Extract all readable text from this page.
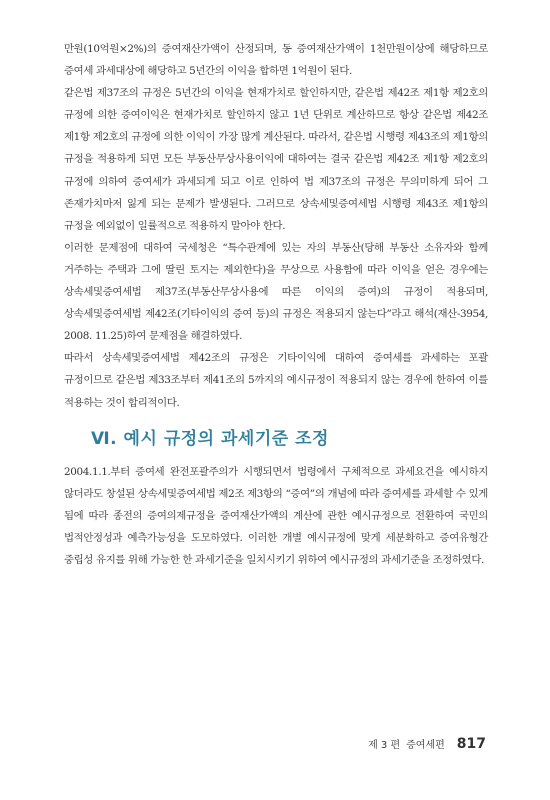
만원(10억원×2%)의 증여재산가액이 산정되며, 동 증여재산가액이 1천만원이상에 해당하므로 증여세 과세대상에 해당하고 5년간의 이익을 합하면 1억원이 된다.

같은법 제37조의 규정은 5년간의 이익을 현재가치로 할인하지만, 같은법 제42조 제1항 제2호의 규정에 의한 증여이익은 현재가치로 할인하지 않고 1년 단위로 계산하므로 항상 같은법 제42조 제1항 제2호의 규정에 의한 이익이 가장 많게 계산된다. 따라서, 같은법 시행령 제43조의 제1항의 규정을 적용하게 되면 모든 부동산무상사용이익에 대하여는 결국 같은법 제42조 제1항 제2호의 규정에 의하여 증여세가 과세되게 되고 이로 인하여 법 제37조의 규정은 무의미하게 되어 그 존재가치마저 잃게 되는 문제가 발생된다. 그러므로 상속세및증여세법 시행령 제43조 제1항의 규정을 예외없이 일률적으로 적용하지 말아야 한다.

이러한 문제점에 대하여 국세청은 “특수관계에 있는 자의 부동산(당해 부동산 소유자와 함께 거주하는 주택과 그에 딸린 토지는 제외한다)을 무상으로 사용함에 따라 이익을 얻은 경우에는 상속세및증여세법 제37조(부동산무상사용에 따른 이익의 증여)의 규정이 적용되며, 상속세및증여세법 제42조(기타이익의 증여 등)의 규정은 적용되지 않는다”라고 해석(재산-3954, 2008. 11.25)하여 문제점을 해결하였다.

따라서 상속세및증여세법 제42조의 규정은 기타이익에 대하여 증여세를 과세하는 포괄 규정이므로 같은법 제33조부터 제41조의 5까지의 예시규정이 적용되지 않는 경우에 한하여 이를 적용하는 것이 합리적이다.

Ⅵ. 예시 규정의 과세기준 조정

2004.1.1.부터 증여세 완전포괄주의가 시행되면서 법령에서 구체적으로 과세요건을 예시하지 않더라도 창설된 상속세및증여세법 제2조 제3항의 “증여”의 개념에 따라 증여세를 과세할 수 있게 됨에 따라 종전의 증여의제규정을 증여재산가액의 계산에 관한 예시규정으로 전환하여 국민의 법적안정성과 예측가능성을 도모하였다. 이러한 개별 예시규정에 맞게 세분화하고 증여유형간 중립성 유지를 위해 가능한 한 과세기준을 일치시키기 위하여 예시규정의 과세기준을 조정하였다.

제 3 편 증여세편 817
